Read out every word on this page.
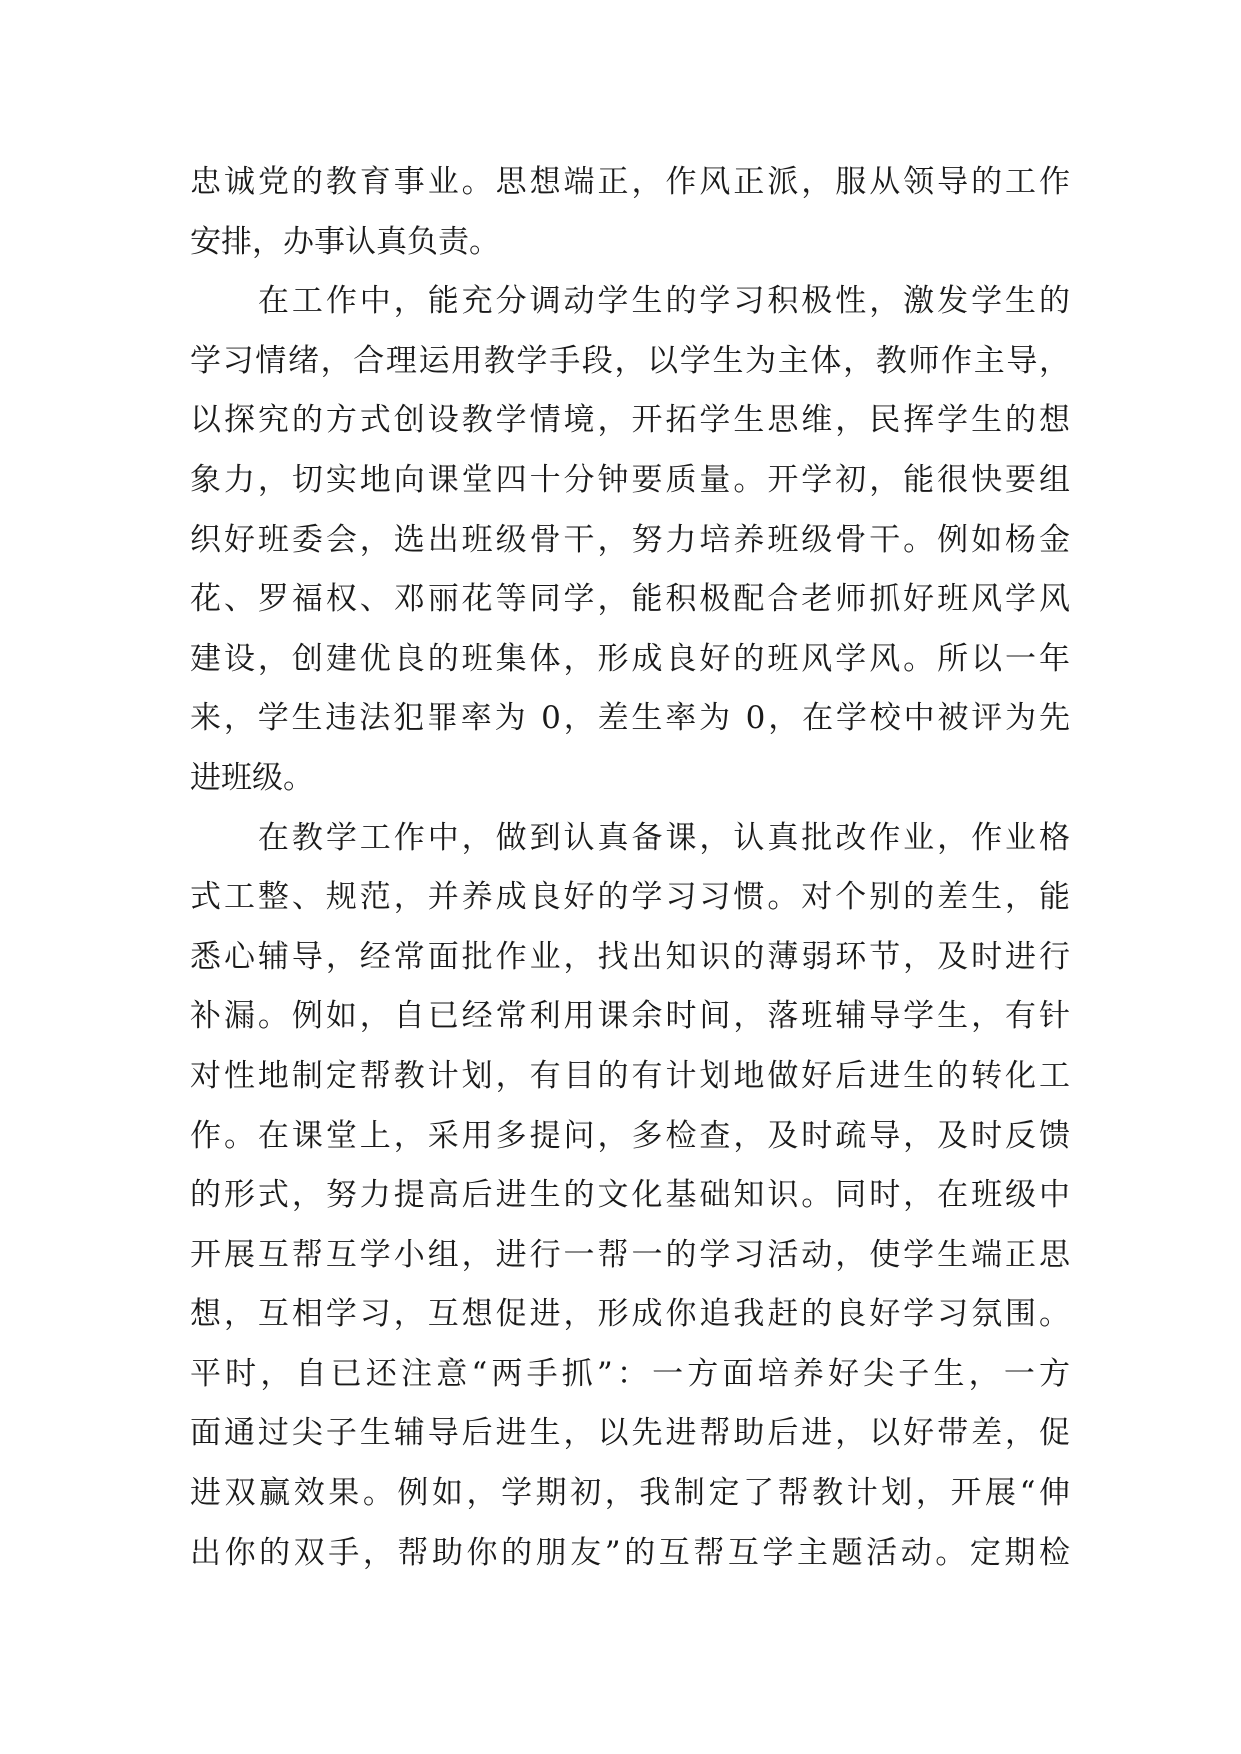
忠诚党的教育事业。思想端正，作风正派，服从领导的工作
安排，办事认真负责。
　　在工作中，能充分调动学生的学习积极性，激发学生的
学习情绪，合理运用教学手段，以学生为主体，教师作主导，
以探究的方式创设教学情境，开拓学生思维，民挥学生的想
象力，切实地向课堂四十分钟要质量。开学初，能很快要组
织好班委会，选出班级骨干，努力培养班级骨干。例如杨金
花、罗福权、邓丽花等同学，能积极配合老师抓好班风学风
建设，创建优良的班集体，形成良好的班风学风。所以一年
来，学生违法犯罪率为 0，差生率为 0，在学校中被评为先
进班级。
　　在教学工作中，做到认真备课，认真批改作业，作业格
式工整、规范，并养成良好的学习习惯。对个别的差生，能
悉心辅导，经常面批作业，找出知识的薄弱环节，及时进行
补漏。例如，自已经常利用课余时间，落班辅导学生，有针
对性地制定帮教计划，有目的有计划地做好后进生的转化工
作。在课堂上，采用多提问，多检查，及时疏导，及时反馈
的形式，努力提高后进生的文化基础知识。同时，在班级中
开展互帮互学小组，进行一帮一的学习活动，使学生端正思
想，互相学习，互想促进，形成你追我赶的良好学习氛围。
平时，自已还注意“两手抓”：一方面培养好尖子生，一方
面通过尖子生辅导后进生，以先进帮助后进，以好带差，促
进双赢效果。例如，学期初，我制定了帮教计划，开展“伸
出你的双手，帮助你的朋友”的互帮互学主题活动。定期检
